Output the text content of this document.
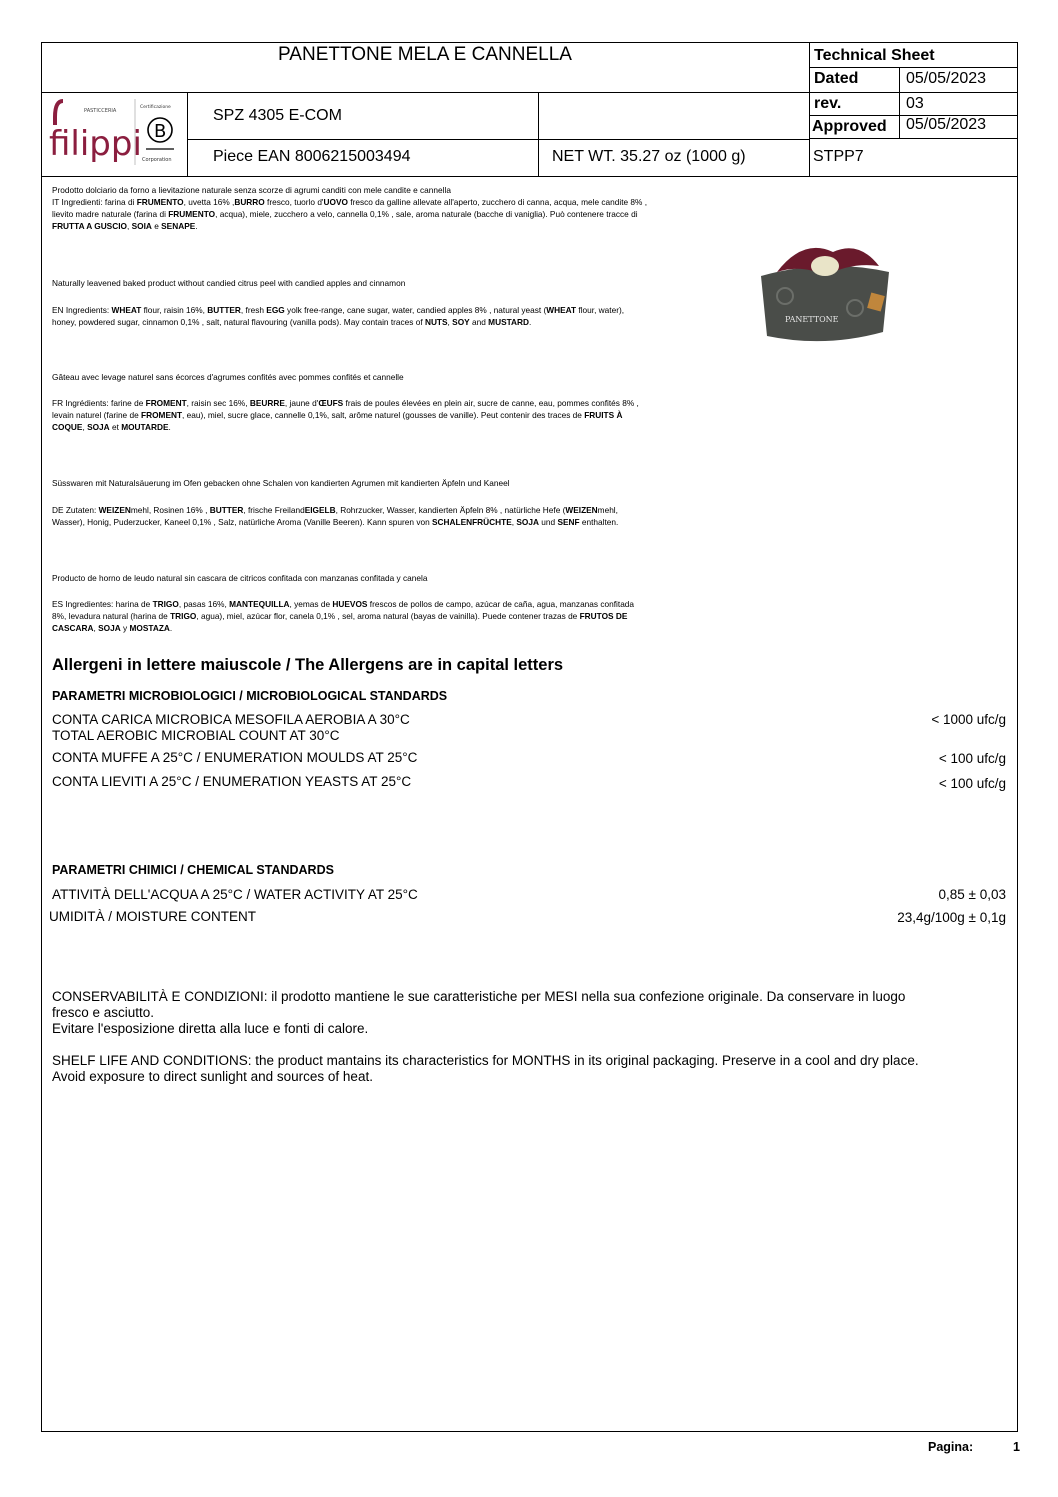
PANETTONE MELA E CANNELLA	Technical Sheet
Dated	05/05/2023
rev.	03
Approved 05/05/2023
SPZ 4305 E-COM
Piece EAN 8006215003494	NET WT. 35.27 oz (1000 g)	STPP7
filippi
PASTICCERIA
Certificazione
B
Corporation
PANETTONE
Prodotto dolciario da forno a lievitazione naturale senza scorze di agrumi canditi con mele candite e cannella
IT Ingredienti: farina di FRUMENTO, uvetta 16% ,BURRO fresco, tuorlo d'UOVO fresco da galline allevate all'aperto, zucchero di canna, acqua, mele candite 8% , lievito madre naturale (farina di FRUMENTO, acqua), miele, zucchero a velo, cannella 0,1% , sale, aroma naturale (bacche di vaniglia). Può contenere tracce di FRUTTA A GUSCIO, SOIA e SENAPE.
Naturally leavened baked product without candied citrus peel with candied apples and cinnamon
EN Ingredients: WHEAT flour, raisin 16%, BUTTER, fresh EGG yolk free-range, cane sugar, water, candied apples 8% , natural yeast (WHEAT flour, water), honey, powdered sugar, cinnamon 0,1% , salt, natural flavouring (vanilla pods). May contain traces of NUTS, SOY and MUSTARD.
Gâteau avec levage naturel sans écorces d'agrumes confités avec pommes confités et cannelle
FR Ingrédients: farine de FROMENT, raisin sec 16%, BEURRE, jaune d'ŒUFS frais de poules élevées en plein air, sucre de canne, eau, pommes confités 8% , levain naturel (farine de FROMENT, eau), miel, sucre glace, cannelle 0,1%, salt, arôme naturel (gousses de vanille). Peut contenir des traces de FRUITS À COQUE, SOJA et MOUTARDE.
Süsswaren mit Naturalsäuerung im Ofen gebacken ohne Schalen von kandierten Agrumen mit kandierten Äpfeln und Kaneel
DE Zutaten: WEIZENmehl, Rosinen 16% , BUTTER, frische FreilandEIGELB, Rohrzucker, Wasser, kandierten Äpfeln 8% , natürliche Hefe (WEIZENmehl, Wasser), Honig, Puderzucker, Kaneel 0,1% , Salz, natürliche Aroma (Vanille Beeren). Kann spuren von SCHALENFRÜCHTE, SOJA und SENF enthalten.
Producto de horno de leudo natural sin cascara de citricos confitada con manzanas confitada y canela
ES Ingredientes: harina de TRIGO, pasas 16%, MANTEQUILLA, yemas de HUEVOS frescos de pollos de campo, azúcar de caña, agua, manzanas confitada 8%, levadura natural (harina de TRIGO, agua), miel, azúcar flor, canela 0,1% , sel, aroma natural (bayas de vainilla). Puede contener trazas de FRUTOS DE CASCARA, SOJA y MOSTAZA.
Allergeni in lettere maiuscole / The Allergens are in capital letters
PARAMETRI MICROBIOLOGICI / MICROBIOLOGICAL STANDARDS
CONTA CARICA MICROBICA MESOFILA AEROBIA A 30°C
TOTAL AEROBIC MICROBIAL COUNT AT 30°C
< 1000 ufc/g
CONTA MUFFE A 25°C / ENUMERATION MOULDS AT 25°C	< 100 ufc/g
CONTA LIEVITI A 25°C / ENUMERATION YEASTS AT 25°C	< 100 ufc/g
PARAMETRI CHIMICI / CHEMICAL STANDARDS
ATTIVITÀ DELL'ACQUA A 25°C / WATER ACTIVITY AT 25°C	0,85 ± 0,03
UMIDITÀ / MOISTURE CONTENT	23,4g/100g ± 0,1g
CONSERVABILITÀ E CONDIZIONI: il prodotto mantiene le sue caratteristiche per MESI nella sua confezione originale. Da conservare in luogo
fresco e asciutto.
Evitare l'esposizione diretta alla luce e fonti di calore.
SHELF LIFE AND CONDITIONS: the product mantains its characteristics for MONTHS in its original packaging. Preserve in a cool and dry place.
Avoid exposure to direct sunlight and sources of heat.
Pagina:	1
